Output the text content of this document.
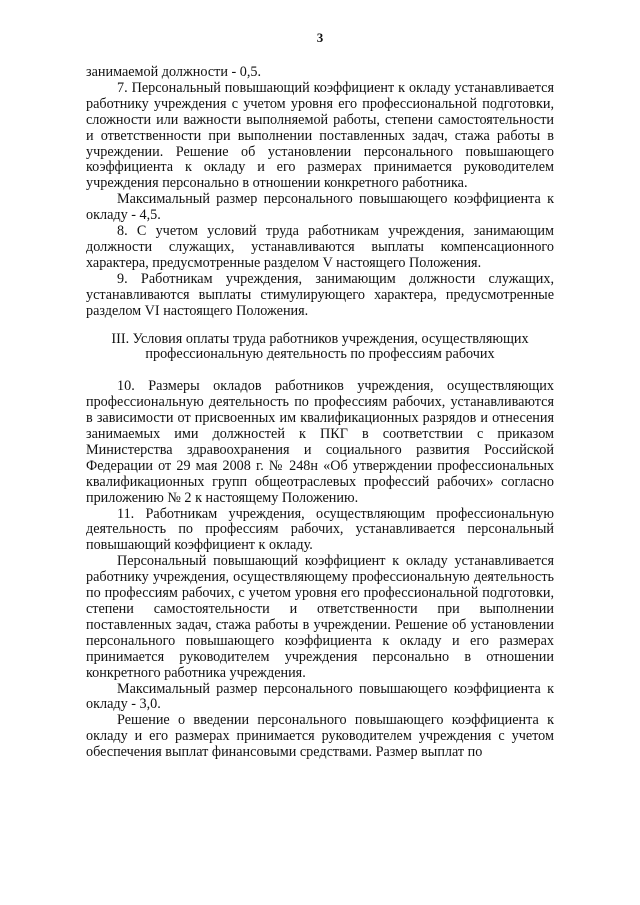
3

занимаемой должности - 0,5.

7. Персональный повышающий коэффициент к окладу устанавливается работнику учреждения с учетом уровня его профессиональной подготовки, сложности или важности выполняемой работы, степени самостоятельности и ответственности при выполнении поставленных задач, стажа работы в учреждении. Решение об установлении персонального повышающего коэффициента к окладу и его размерах принимается руководителем учреждения персонально в отношении конкретного работника.

Максимальный размер персонального повышающего коэффициента к окладу - 4,5.

8. С учетом условий труда работникам учреждения, занимающим должности служащих, устанавливаются выплаты компенсационного характера, предусмотренные разделом V настоящего Положения.

9. Работникам учреждения, занимающим должности служащих, устанавливаются выплаты стимулирующего характера, предусмотренные разделом VI настоящего Положения.

III. Условия оплаты труда работников учреждения, осуществляющих профессиональную деятельность по профессиям рабочих

10. Размеры окладов работников учреждения, осуществляющих профессиональную деятельность по профессиям рабочих, устанавливаются в зависимости от присвоенных им квалификационных разрядов и отнесения занимаемых ими должностей к ПКГ в соответствии с приказом Министерства здравоохранения и социального развития Российской Федерации от 29 мая 2008 г. № 248н «Об утверждении профессиональных квалификационных групп общеотраслевых профессий рабочих» согласно приложению № 2 к настоящему Положению.

11. Работникам учреждения, осуществляющим профессиональную деятельность по профессиям рабочих, устанавливается персональный повышающий коэффициент к окладу.

Персональный повышающий коэффициент к окладу устанавливается работнику учреждения, осуществляющему профессиональную деятельность по профессиям рабочих, с учетом уровня его профессиональной подготовки, степени самостоятельности и ответственности при выполнении поставленных задач, стажа работы в учреждении. Решение об установлении персонального повышающего коэффициента к окладу и его размерах принимается руководителем учреждения персонально в отношении конкретного работника учреждения.

Максимальный размер персонального повышающего коэффициента к окладу - 3,0.

Решение о введении персонального повышающего коэффициента к окладу и его размерах принимается руководителем учреждения с учетом обеспечения выплат финансовыми средствами. Размер выплат по
